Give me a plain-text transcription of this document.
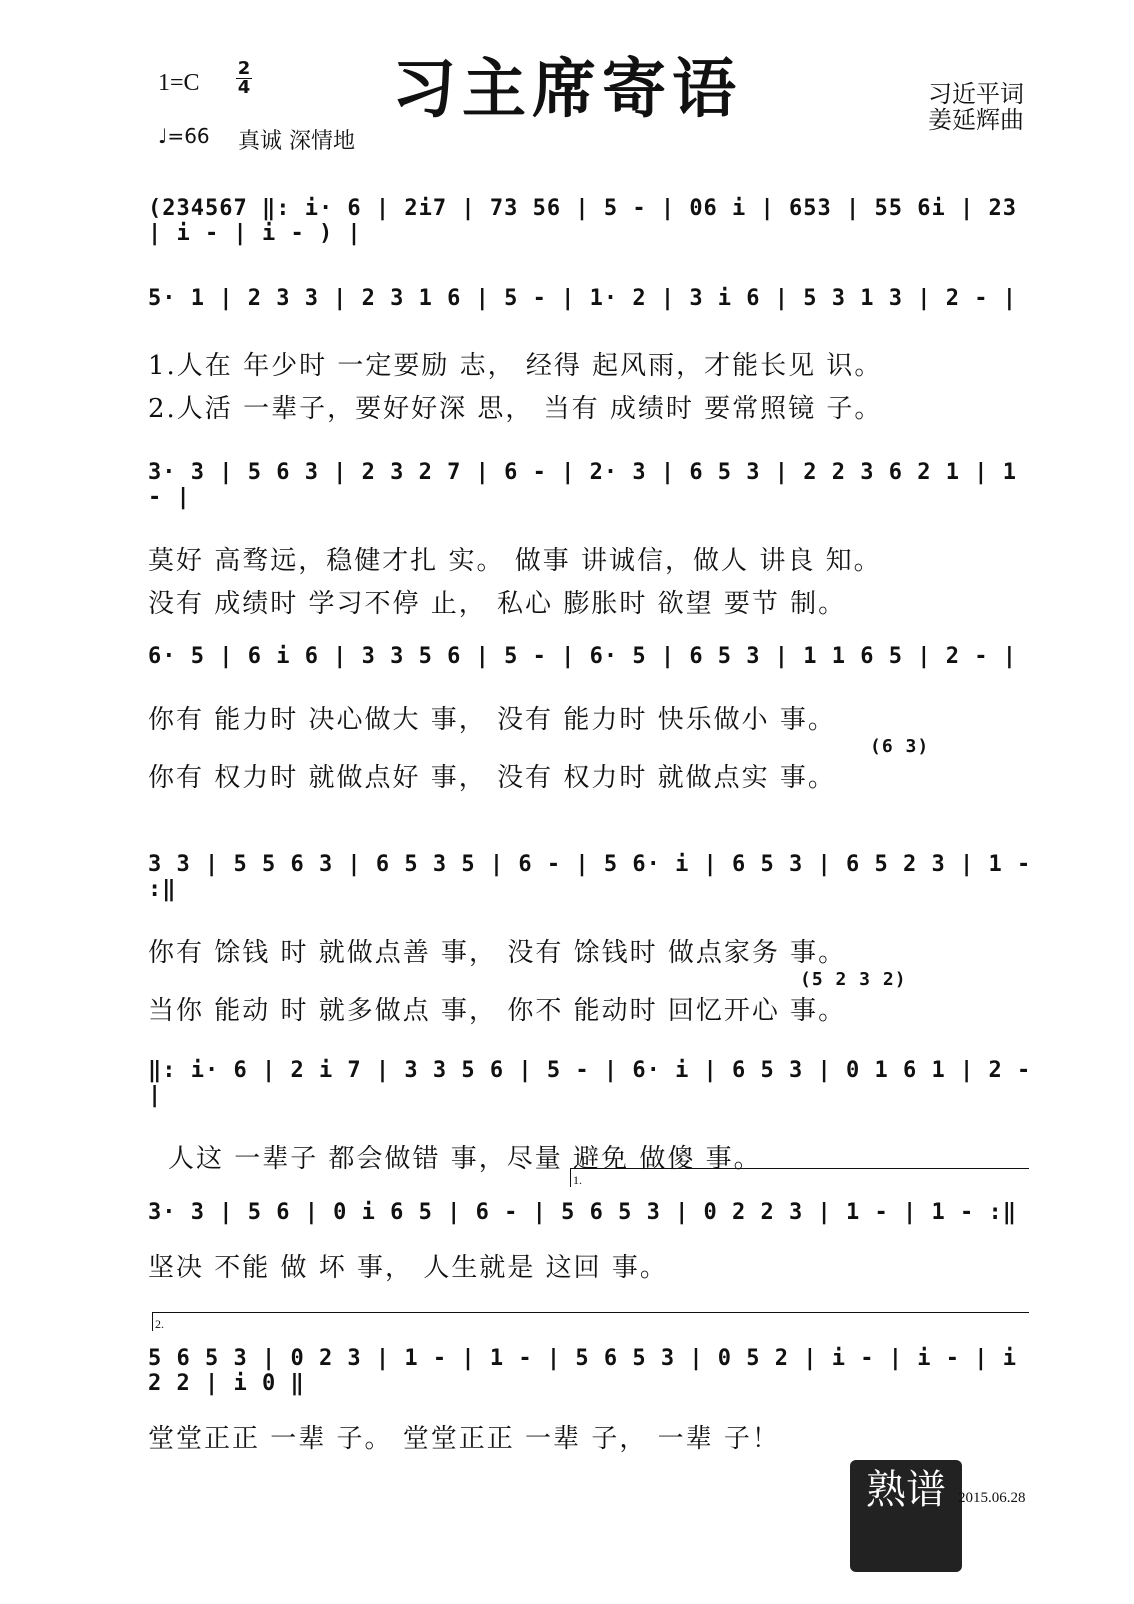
习主席寄语
1=C
2
4
♩=66 真诚 深情地
习近平词
姜延辉曲
(234567 ‖: i· 6 | 2i7 | 73 56 | 5 - | 06 i | 653 | 55 6i | 23 | i - | i - ) |
5· 1 | 2 3 3 | 2 3 1 6 | 5 - | 1· 2 | 3 i 6 | 5 3 1 3 | 2 - |
1.人在 年少时 一定要励 志， 经得 起风雨，才能长见 识。
2.人活 一辈子，要好好深 思， 当有 成绩时 要常照镜 子。
3· 3 | 5 6 3 | 2 3 2 7 | 6 - | 2· 3 | 6 5 3 | 2 2 3 6 2 1 | 1 - |
莫好 高骛远，稳健才扎 实。 做事 讲诚信，做人 讲良 知。
没有 成绩时 学习不停 止， 私心 膨胀时 欲望 要节 制。
6· 5 | 6 i 6 | 3 3 5 6 | 5 - | 6· 5 | 6 5 3 | 1 1 6 5 | 2 - |
你有 能力时 决心做大 事， 没有 能力时 快乐做小 事。
(6 3)
你有 权力时 就做点好 事， 没有 权力时 就做点实 事。
3 3 | 5 5 6 3 | 6 5 3 5 | 6 - | 5 6· i | 6 5 3 | 6 5 2 3 | 1 - :‖
你有 馀钱 时 就做点善 事， 没有 馀钱时 做点家务 事。
(5 2 3 2)
当你 能动 时 就多做点 事， 你不 能动时 回忆开心 事。
‖: i· 6 | 2 i 7 | 3 3 5 6 | 5 - | 6· i | 6 5 3 | 0 1 6 1 | 2 - |
人这 一辈子 都会做错 事，尽量 避免 做傻 事。
1.
3· 3 | 5 6 | 0 i 6 5 | 6 - | 5 6 5 3 | 0 2 2 3 | 1 - | 1 - :‖
坚决 不能 做 坏 事， 人生就是 这回 事。
2.
5 6 5 3 | 0 2 3 | 1 - | 1 - | 5 6 5 3 | 0 5 2 | i - | i - | i 2 2 | i 0 ‖
堂堂正正 一辈 子。 堂堂正正 一辈 子， 一辈 子！
熟谱 2015.06.28
